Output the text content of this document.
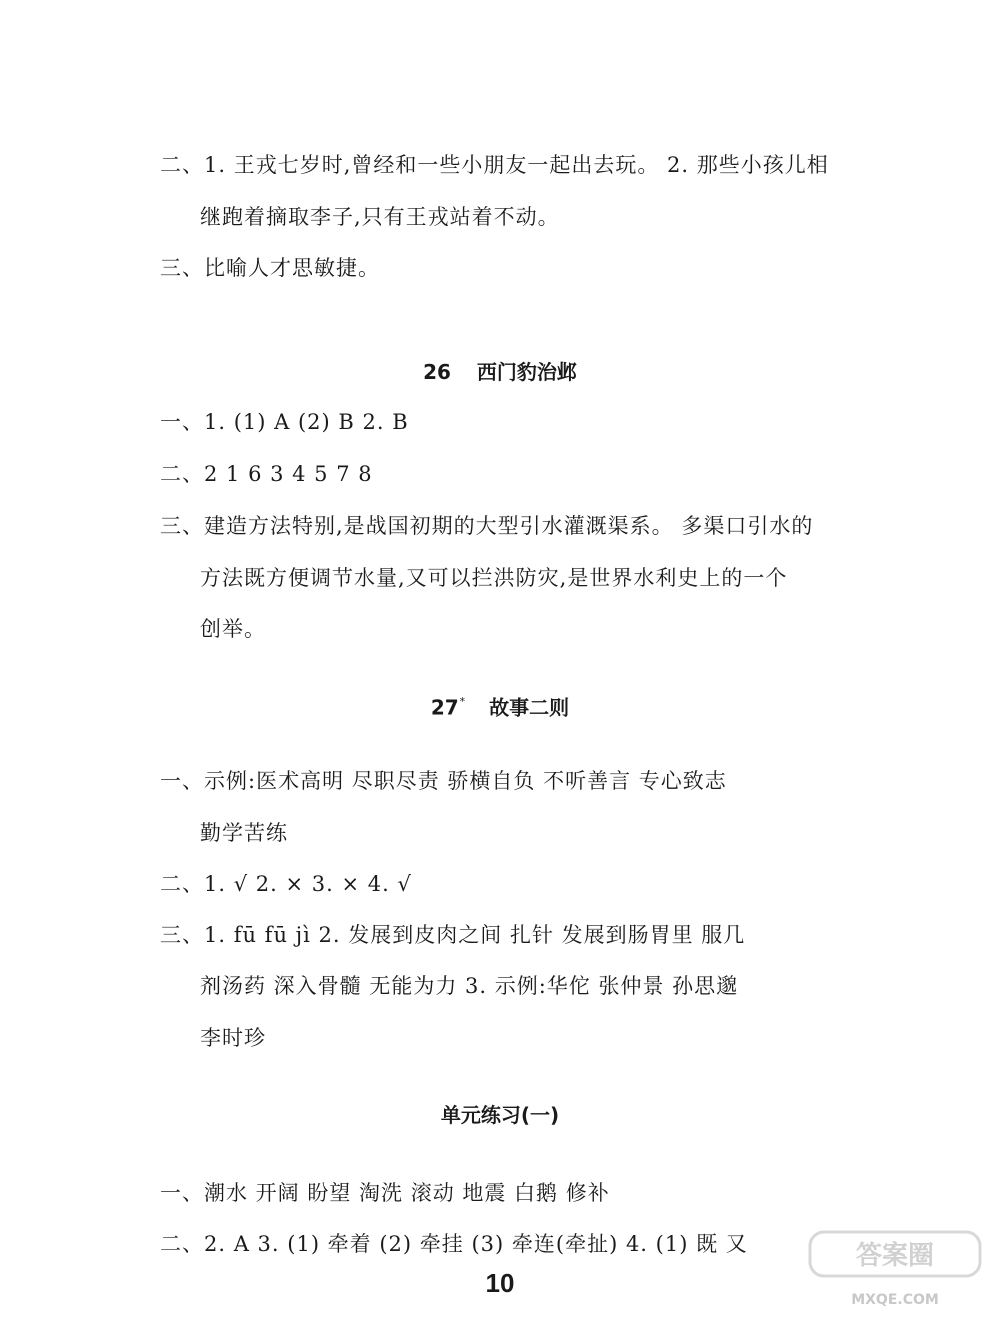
二、1. 王戎七岁时,曾经和一些小朋友一起出去玩。 2. 那些小孩儿相
继跑着摘取李子,只有王戎站着不动。
三、比喻人才思敏捷。
26 西门豹治邺
一、1. (1) A (2) B 2. B
二、2 1 6 3 4 5 7 8
三、建造方法特别,是战国初期的大型引水灌溉渠系。 多渠口引水的
方法既方便调节水量,又可以拦洪防灾,是世界水利史上的一个
创举。
27* 故事二则
一、示例:医术高明 尽职尽责 骄横自负 不听善言 专心致志
勤学苦练
二、1. √ 2. × 3. × 4. √
三、1. fū fū jì 2. 发展到皮肉之间 扎针 发展到肠胃里 服几
剂汤药 深入骨髓 无能为力 3. 示例:华佗 张仲景 孙思邈
李时珍
单元练习(一)
一、潮水 开阔 盼望 淘洗 滚动 地震 白鹅 修补
二、2. A 3. (1) 牵着 (2) 牵挂 (3) 牵连(牵扯) 4. (1) 既 又
10
答案圈
MXQE.COM
